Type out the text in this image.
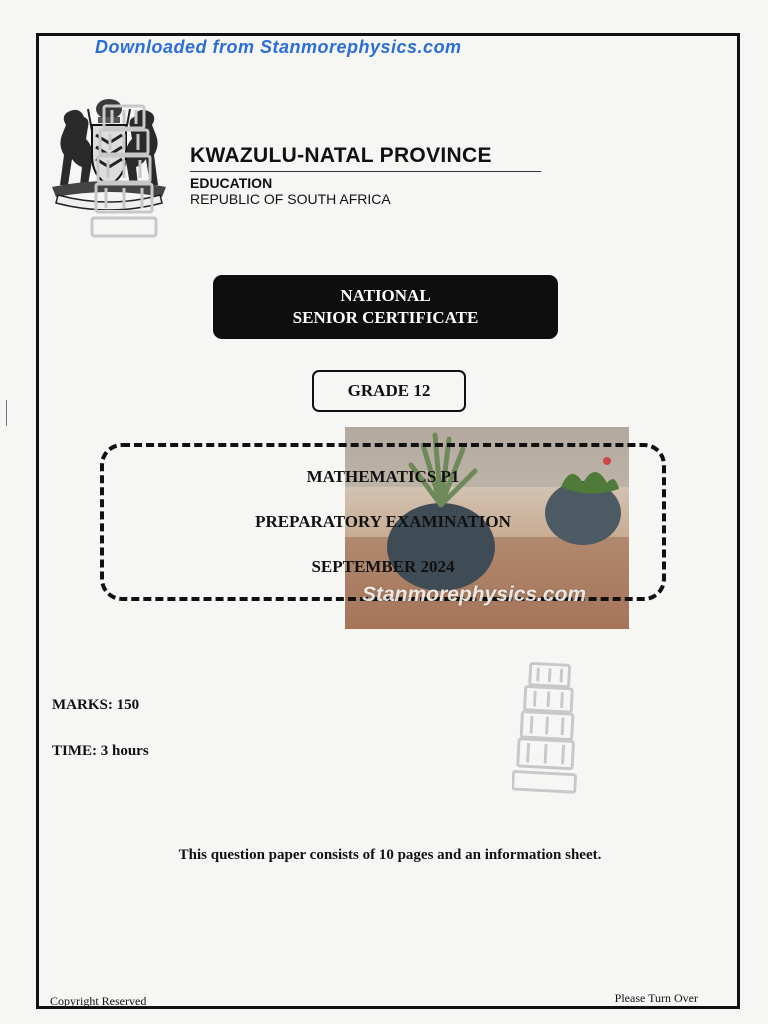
Downloaded from Stanmorephysics.com
KWAZULU-NATAL PROVINCE
EDUCATION
REPUBLIC OF SOUTH AFRICA
NATIONAL
SENIOR CERTIFICATE
GRADE 12
MATHEMATICS P1
PREPARATORY EXAMINATION
SEPTEMBER 2024
Stanmorephysics.com
MARKS: 150
TIME: 3 hours
This question paper consists of 10 pages and an information sheet.
Copyright Reserved	Please Turn Over
